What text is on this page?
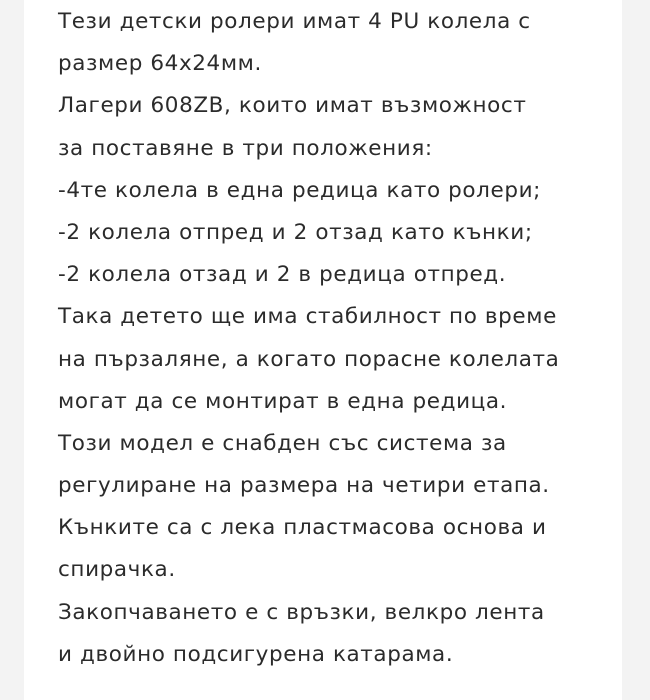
Тези детски ролери имат 4 PU колела с
размер 64х24мм.
Лагери 608ZB, които имат възможност
за поставяне в три положения:
-4те колела в една редица като ролери;
-2 колела отпред и 2 отзад като кънки;
-2 колела отзад и 2 в редица отпред.
Така детето ще има стабилност по време
на пързаляне, а когато порасне колелата
могат да се монтират в една редица.
Този модел е снабден със система за
регулиране на размера на четири етапа.
Кънките са с лека пластмасова основа и
спирачка.
Закопчаването е с връзки, велкро лента
и двойно подсигурена катарама.
